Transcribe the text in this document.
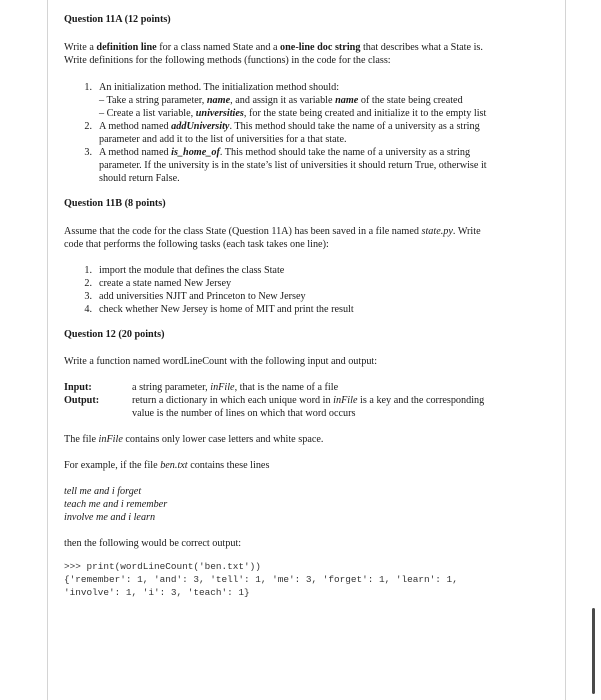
Question 11A (12 points)
Write a definition line for a class named State and a one-line doc string that describes what a State is.
Write definitions for the following methods (functions) in the code for the class:
1. An initialization method. The initialization method should:
– Take a string parameter, name, and assign it as variable name of the state being created
– Create a list variable, universities, for the state being created and initialize it to the empty list
2. A method named addUniversity. This method should take the name of a university as a string
parameter and add it to the list of universities for a that state.
3. A method named is_home_of. This method should take the name of a university as a string
parameter. If the university is in the state’s list of universities it should return True, otherwise it
should return False.
Question 11B (8 points)
Assume that the code for the class State (Question 11A) has been saved in a file named state.py. Write
code that performs the following tasks (each task takes one line):
1. import the module that defines the class State
2. create a state named New Jersey
3. add universities NJIT and Princeton to New Jersey
4. check whether New Jersey is home of MIT and print the result
Question 12 (20 points)
Write a function named wordLineCount with the following input and output:
Input:	a string parameter, inFile, that is the name of a file
Output:	return a dictionary in which each unique word in inFile is a key and the corresponding
value is the number of lines on which that word occurs
The file inFile contains only lower case letters and white space.
For example, if the file ben.txt contains these lines
tell me and i forget
teach me and i remember
involve me and i learn
then the following would be correct output:
>>> print(wordLineCount('ben.txt'))
{'remember': 1, 'and': 3, 'tell': 1, 'me': 3, 'forget': 1, 'learn': 1,
'involve': 1, 'i': 3, 'teach': 1}
